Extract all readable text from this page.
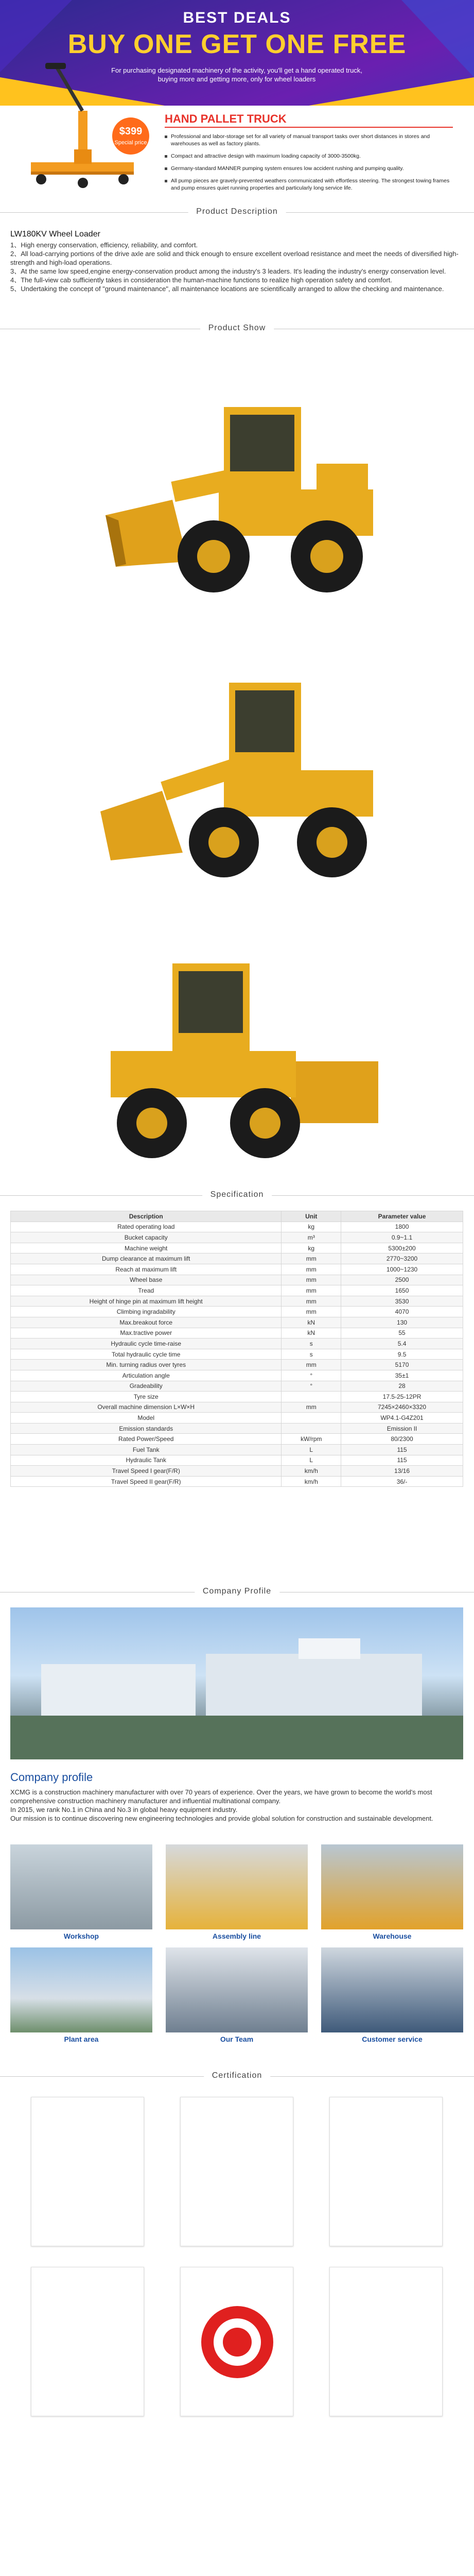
BEST DEALS
BUY ONE GET ONE FREE
For purchasing designated machinery of the activity, you'll get a hand operated truck, buying more and getting more, only for wheel loaders
$399
Special price
HAND PALLET TRUCK
Professional and labor-storage set for all variety of manual transport tasks over short distances in stores and warehouses as well as factory plants.
Compact and attractive design with maximum loading capacity of 3000-3500kg.
Germany-standard MANNER pumping system ensures low accident rushing and pumping quality.
All pump pieces are gravely-prevented weathers communicated with effortless steering. The strongest towing frames and pump ensures quiet running properties and particularly long service life.
Product Description
LW180KV Wheel Loader
1、High energy conservation, efficiency, reliability, and comfort.
2、All load-carrying portions of the drive axle are solid and thick enough to ensure excellent overload resistance and meet the needs of diversified high-strength and high-load operations.
3、At the same low speed,engine energy-conservation product among the industry's 3 leaders. It's leading the industry's energy conservation level.
4、The full-view cab sufficiently takes in consideration the human-machine functions to realize high operation safety and comfort.
5、Undertaking the concept of "ground maintenance", all maintenance locations are scientifically arranged to allow the checking and maintenance.
Product Show
Specification
Description	Unit	Parameter value
Rated operating load	kg	1800
Bucket capacity	m³	0.9~1.1
Machine weight	kg	5300±200
Dump clearance at maximum lift	mm	2770~3200
Reach at maximum lift	mm	1000~1230
Wheel base	mm	2500
Tread	mm	1650
Height of hinge pin at maximum lift height	mm	3530
Climbing ingradability	mm	4070
Max.breakout force	kN	130
Max.tractive power	kN	55
Hydraulic cycle time-raise	s	5.4
Total hydraulic cycle time	s	9.5
Min. turning radius over tyres	mm	5170
Articulation angle	°	35±1
Gradeability	°	28
Tyre size		17.5-25-12PR
Overall machine dimension L×W×H	mm	7245×2460×3320
Model		WP4.1-G4Z201
Emission standards		Emission II
Rated Power/Speed	kW/rpm	80/2300
Fuel Tank	L	115
Hydraulic Tank	L	115
Travel Speed I gear(F/R)	km/h	13/16
Travel Speed II gear(F/R)	km/h	36/-
Company Profile
Company profile

XCMG is a construction machinery manufacturer with over 70 years of experience. Over the years, we have grown to become the world's most comprehensive construction machinery manufacturer and influential multinational company.

In 2015, we rank No.1 in China and No.3 in global heavy equipment industry.

Our mission is to continue discovering new engineering technologies and provide global solution for construction and sustainable development.

Workshop	Assembly line	Warehouse
Plant area	Our Team	Customer service
Certification
